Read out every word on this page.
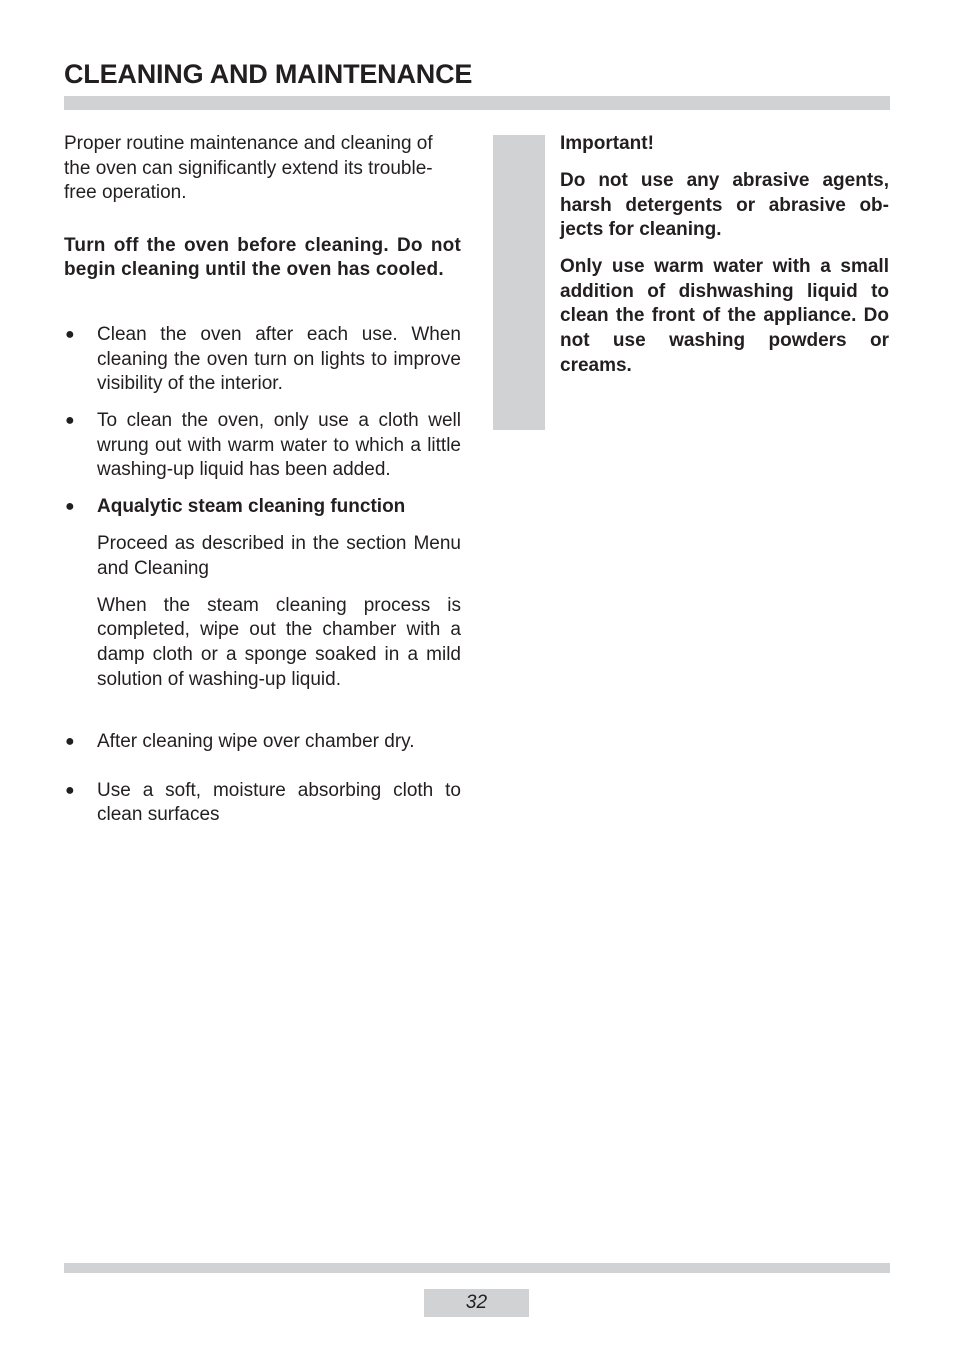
CLEANING AND MAINTENANCE

Proper routine maintenance and cleaning of the oven can significantly extend its trouble-free operation.

Turn off the oven before cleaning. Do not begin cleaning until the oven has cooled.

● Clean the oven after each use. When cleaning the oven turn on lights to improve visibility of the interior.
● To clean the oven, only use a cloth well wrung out with warm water to which a little washing-up liquid has been added.
● Aqualytic steam cleaning function

Proceed as described in the section Menu and Cleaning

When the steam cleaning process is completed, wipe out the chamber with a damp cloth or a sponge soaked in a mild solution of washing-up liquid.

● After cleaning wipe over chamber dry.
● Use a soft, moisture absorbing cloth to clean surfaces

Important!

Do not use any abrasive agents, harsh detergents or abrasive ob-jects for cleaning.

Only use warm water with a small addition of dishwashing liquid to clean the front of the appliance. Do not use washing powders or creams.

32
